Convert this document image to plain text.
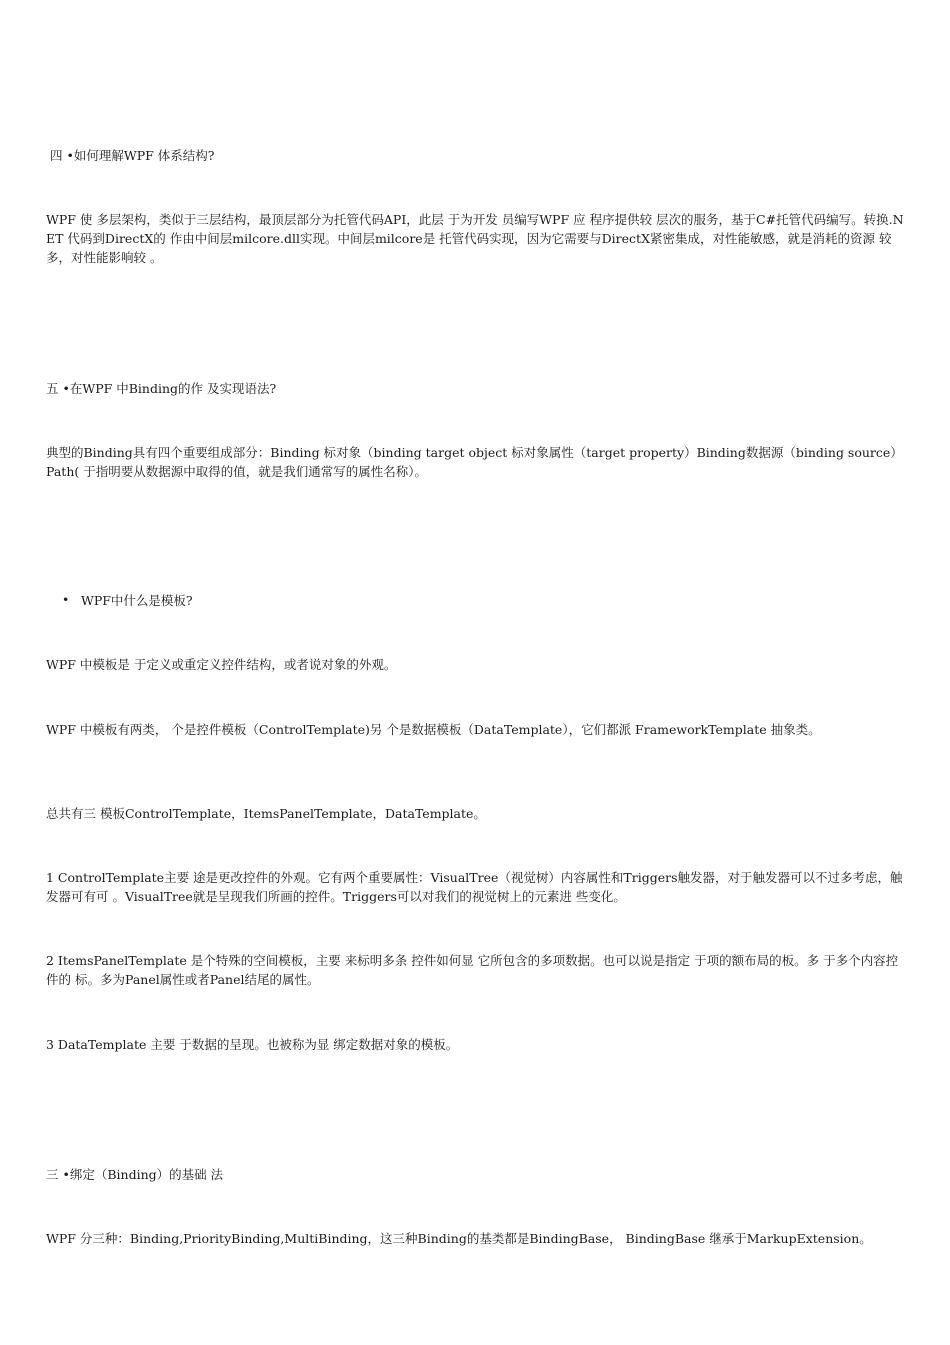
四 •如何理解WPF 体系结构?

WPF 使 多层架构，类似于三层结构，最顶层部分为托管代码API，此层 于为开发 员编写WPF 应 程序提供较 层次的服务，基于C#托管代码编写。转换.NET 代码到DirectX的 作由中间层milcore.dll实现。中间层milcore是 托管代码实现，因为它需要与DirectX紧密集成，对性能敏感，就是消耗的资源 较多，对性能影响较 。

五 •在WPF 中Binding的作 及实现语法?

典型的Binding具有四个重要组成部分：Binding 标对象（binding target object 标对象属性（target property）Binding数据源（binding source）Path( 于指明要从数据源中取得的值，就是我们通常写的属性名称）。

• WPF中什么是模板?

WPF 中模板是 于定义或重定义控件结构，或者说对象的外观。

WPF 中模板有两类， 个是控件模板（ControlTemplate)另 个是数据模板（DataTemplate），它们都派 FrameworkTemplate 抽象类。

总共有三 模板ControlTemplate，ItemsPanelTemplate，DataTemplate。

1 ControlTemplate主要 途是更改控件的外观。它有两个重要属性：VisualTree（视觉树）内容属性和Triggers触发器，对于触发器可以不过多考虑，触发器可有可 。VisualTree就是呈现我们所画的控件。Triggers可以对我们的视觉树上的元素进 些变化。

2 ItemsPanelTemplate 是个特殊的空间模板，主要 来标明多条 控件如何显 它所包含的多项数据。也可以说是指定 于项的额布局的板。多 于多个内容控件的 标。多为Panel属性或者Panel结尾的属性。

3 DataTemplate 主要 于数据的呈现。也被称为显 绑定数据对象的模板。

三 •绑定（Binding）的基础 法

WPF 分三种：Binding,PriorityBinding,MultiBinding，这三种Binding的基类都是BindingBase， BindingBase 继承于MarkupExtension。
